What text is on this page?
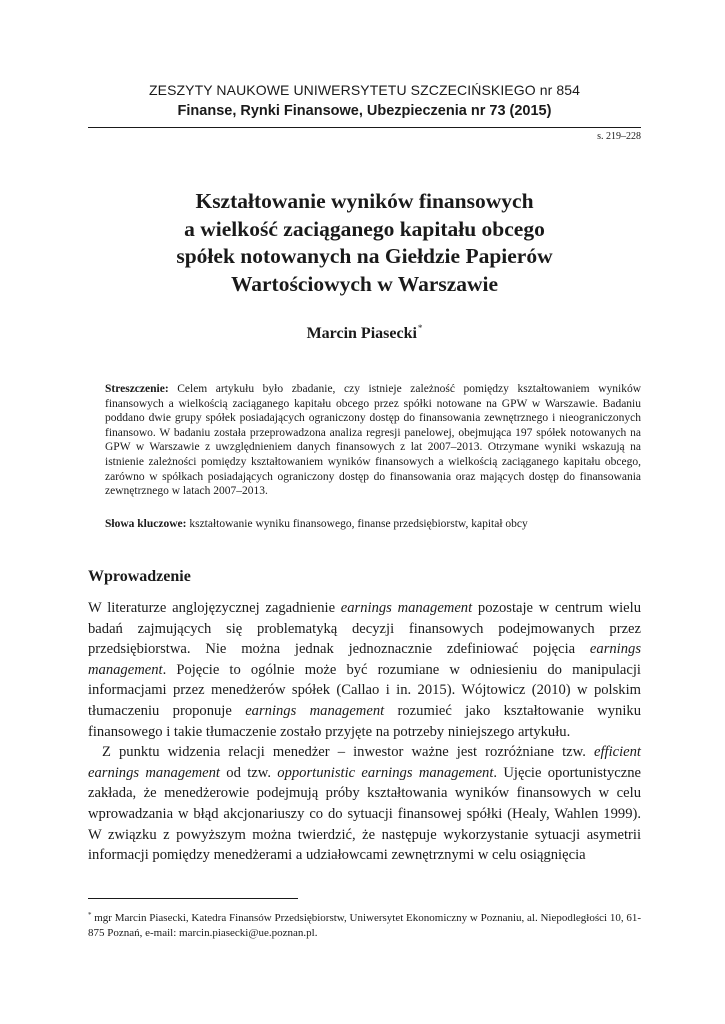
ZESZYTY NAUKOWE UNIWERSYTETU SZCZECIŃSKIEGO nr 854
Finanse, Rynki Finansowe, Ubezpieczenia nr 73 (2015)
s. 219–228
Kształtowanie wyników finansowych
a wielkość zaciąganego kapitału obcego
spółek notowanych na Giełdzie Papierów
Wartościowych w Warszawie
Marcin Piasecki*
Streszczenie: Celem artykułu było zbadanie, czy istnieje zależność pomiędzy kształtowaniem wyników finansowych a wielkością zaciąganego kapitału obcego przez spółki notowane na GPW w Warszawie. Badaniu poddano dwie grupy spółek posiadających ograniczony dostęp do finansowania zewnętrznego i nieograniczonych finansowo. W badaniu została przeprowadzona analiza regresji panelowej, obejmująca 197 spółek notowanych na GPW w Warszawie z uwzględnieniem danych finansowych z lat 2007–2013. Otrzymane wyniki wskazują na istnienie zależności pomiędzy kształtowaniem wyników finansowych a wielkością zaciąganego kapitału obcego, zarówno w spółkach posiadających ograniczony dostęp do finansowania oraz mających dostęp do finansowania zewnętrznego w latach 2007–2013.
Słowa kluczowe: kształtowanie wyniku finansowego, finanse przedsiębiorstw, kapitał obcy
Wprowadzenie

W literaturze anglojęzycznej zagadnienie earnings management pozostaje w centrum wielu badań zajmujących się problematyką decyzji finansowych podejmowanych przez przedsiębiorstwa. Nie można jednak jednoznacznie zdefiniować pojęcia earnings management. Pojęcie to ogólnie może być rozumiane w odniesieniu do manipulacji informacjami przez menedżerów spółek (Callao i in. 2015). Wójtowicz (2010) w polskim tłumaczeniu proponuje earnings management rozumieć jako kształtowanie wyniku finansowego i takie tłumaczenie zostało przyjęte na potrzeby niniejszego artykułu.

Z punktu widzenia relacji menedżer – inwestor ważne jest rozróżniane tzw. efficient earnings management od tzw. opportunistic earnings management. Ujęcie oportunistyczne zakłada, że menedżerowie podejmują próby kształtowania wyników finansowych w celu wprowadzania w błąd akcjonariuszy co do sytuacji finansowej spółki (Healy, Wahlen 1999). W związku z powyższym można twierdzić, że następuje wykorzystanie sytuacji asymetrii informacji pomiędzy menedżerami a udziałowcami zewnętrznymi w celu osiągnięcia

* mgr Marcin Piasecki, Katedra Finansów Przedsiębiorstw, Uniwersytet Ekonomiczny w Poznaniu, al. Niepodległości 10, 61-875 Poznań, e-mail: marcin.piasecki@ue.poznan.pl.
